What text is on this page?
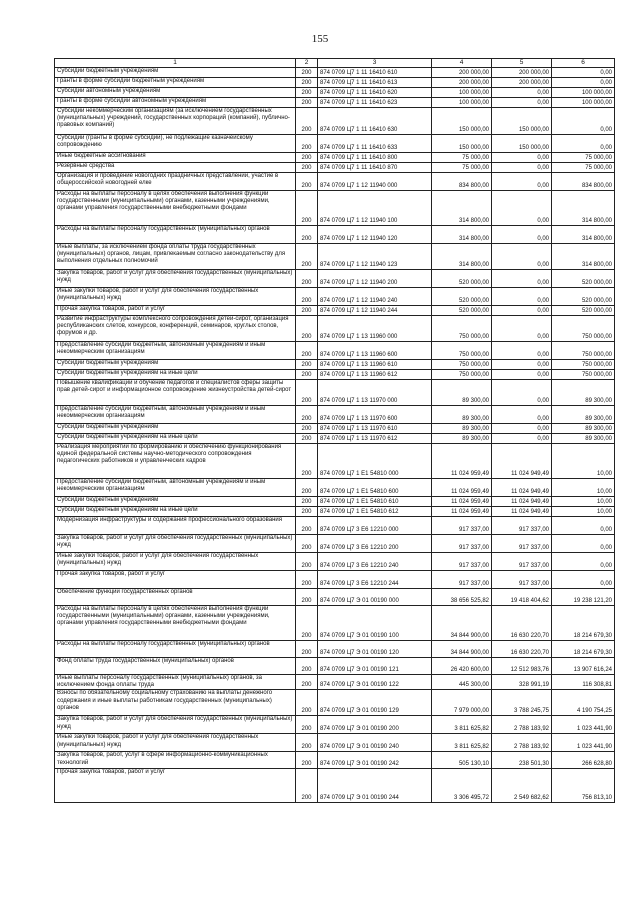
155
1	2	3	4	5	6
Субсидии бюджетным учреждениям	200	874 0709 Ц7 1 11 16410 610	200 000,00	200 000,00	0,00
Гранты в форме субсидии бюджетным учреждениям	200	874 0709 Ц7 1 11 16410 613	200 000,00	200 000,00	0,00
Субсидии автономным учреждениям	200	874 0709 Ц7 1 11 16410 620	100 000,00	0,00	100 000,00
Гранты в форме субсидии автономным учреждениям	200	874 0709 Ц7 1 11 16410 623	100 000,00	0,00	100 000,00
Субсидии некоммерческим организациям (за исключением государственных (муниципальных) учреждений, государственных корпораций (компаний), публично-правовых компаний)	200	874 0709 Ц7 1 11 16410 630	150 000,00	150 000,00	0,00
Субсидии (гранты в форме субсидий), не подлежащие казначейскому сопровождению	200	874 0709 Ц7 1 11 16410 633	150 000,00	150 000,00	0,00
Иные бюджетные ассигнования	200	874 0709 Ц7 1 11 16410 800	75 000,00	0,00	75 000,00
Резервные средства	200	874 0709 Ц7 1 11 16410 870	75 000,00	0,00	75 000,00
Организация и проведение новогодних праздничных представлений, участие в общероссийской новогодней елке	200	874 0709 Ц7 1 12 11940 000	834 800,00	0,00	834 800,00
Расходы на выплаты персоналу в целях обеспечения выполнения функций государственными (муниципальными) органами, казенными учреждениями, органами управления государственными внебюджетными фондами	200	874 0709 Ц7 1 12 11940 100	314 800,00	0,00	314 800,00
Расходы на выплаты персоналу государственных (муниципальных) органов	200	874 0709 Ц7 1 12 11940 120	314 800,00	0,00	314 800,00
Иные выплаты, за исключением фонда оплаты труда государственных (муниципальных) органов, лицам, привлекаемым согласно законодательству для выполнения отдельных полномочий	200	874 0709 Ц7 1 12 11940 123	314 800,00	0,00	314 800,00
Закупка товаров, работ и услуг для обеспечения государственных (муниципальных) нужд	200	874 0709 Ц7 1 12 11940 200	520 000,00	0,00	520 000,00
Иные закупки товаров, работ и услуг для обеспечения государственных (муниципальных) нужд	200	874 0709 Ц7 1 12 11940 240	520 000,00	0,00	520 000,00
Прочая закупка товаров, работ и услуг	200	874 0709 Ц7 1 12 11940 244	520 000,00	0,00	520 000,00
Развитие инфраструктуры комплексного сопровождения детей-сирот, организация республиканских слетов, конкурсов, конференций, семинаров, круглых столов, форумов и др.	200	874 0709 Ц7 1 13 11960 000	750 000,00	0,00	750 000,00
Предоставление субсидий бюджетным, автономным учреждениям и иным некоммерческим организациям	200	874 0709 Ц7 1 13 11960 600	750 000,00	0,00	750 000,00
Субсидии бюджетным учреждениям	200	874 0709 Ц7 1 13 11960 610	750 000,00	0,00	750 000,00
Субсидии бюджетным учреждениям на иные цели	200	874 0709 Ц7 1 13 11960 612	750 000,00	0,00	750 000,00
Повышение квалификации и обучение педагогов и специалистов сферы защиты прав детей-сирот и информационное сопровождение жизнеустройства детей-сирот	200	874 0709 Ц7 1 13 11970 000	89 300,00	0,00	89 300,00
Предоставление субсидий бюджетным, автономным учреждениям и иным некоммерческим организациям	200	874 0709 Ц7 1 13 11970 600	89 300,00	0,00	89 300,00
Субсидии бюджетным учреждениям	200	874 0709 Ц7 1 13 11970 610	89 300,00	0,00	89 300,00
Субсидии бюджетным учреждениям на иные цели	200	874 0709 Ц7 1 13 11970 612	89 300,00	0,00	89 300,00
Реализация мероприятий по формированию и обеспечению функционирования единой федеральной системы научно-методического сопровождения педагогических работников и управленческих кадров	200	874 0709 Ц7 1 Е1 54810 000	11 024 959,49	11 024 949,49	10,00
Предоставление субсидий бюджетным, автономным учреждениям и иным некоммерческим организациям	200	874 0709 Ц7 1 Е1 54810 600	11 024 959,49	11 024 949,49	10,00
Субсидии бюджетным учреждениям	200	874 0709 Ц7 1 Е1 54810 610	11 024 959,49	11 024 949,49	10,00
Субсидии бюджетным учреждениям на иные цели	200	874 0709 Ц7 1 Е1 54810 612	11 024 959,49	11 024 949,49	10,00
Модернизация инфраструктуры и содержания профессионального образования	200	874 0709 Ц7 3 Е6 12210 000	917 337,00	917 337,00	0,00
Закупка товаров, работ и услуг для обеспечения государственных (муниципальных) нужд	200	874 0709 Ц7 3 Е6 12210 200	917 337,00	917 337,00	0,00
Иные закупки товаров, работ и услуг для обеспечения государственных (муниципальных) нужд	200	874 0709 Ц7 3 Е6 12210 240	917 337,00	917 337,00	0,00
Прочая закупка товаров, работ и услуг	200	874 0709 Ц7 3 Е6 12210 244	917 337,00	917 337,00	0,00
Обеспечение функций государственных органов	200	874 0709 Ц7 Э 01 00190 000	38 656 525,82	19 418 404,62	19 238 121,20
Расходы на выплаты персоналу в целях обеспечения выполнения функций государственными (муниципальными) органами, казенными учреждениями, органами управления государственными внебюджетными фондами	200	874 0709 Ц7 Э 01 00190 100	34 844 900,00	16 630 220,70	18 214 679,30
Расходы на выплаты персоналу государственных (муниципальных) органов	200	874 0709 Ц7 Э 01 00190 120	34 844 900,00	16 630 220,70	18 214 679,30
Фонд оплаты труда государственных (муниципальных) органов	200	874 0709 Ц7 Э 01 00190 121	26 420 600,00	12 512 983,76	13 907 616,24
Иные выплаты персоналу государственных (муниципальных) органов, за исключением фонда оплаты труда	200	874 0709 Ц7 Э 01 00190 122	445 300,00	328 991,19	116 308,81
Взносы по обязательному социальному страхованию на выплаты денежного содержания и иные выплаты работникам государственных (муниципальных) органов	200	874 0709 Ц7 Э 01 00190 129	7 979 000,00	3 788 245,75	4 190 754,25
Закупка товаров, работ и услуг для обеспечения государственных (муниципальных) нужд	200	874 0709 Ц7 Э 01 00190 200	3 811 625,82	2 788 183,92	1 023 441,90
Иные закупки товаров, работ и услуг для обеспечения государственных (муниципальных) нужд	200	874 0709 Ц7 Э 01 00190 240	3 811 625,82	2 788 183,92	1 023 441,90
Закупка товаров, работ, услуг в сфере информационно-коммуникационных технологий	200	874 0709 Ц7 Э 01 00190 242	505 130,10	238 501,30	266 628,80
Прочая закупка товаров, работ и услуг	200	874 0709 Ц7 Э 01 00190 244	3 306 495,72	2 549 682,62	756 813,10
